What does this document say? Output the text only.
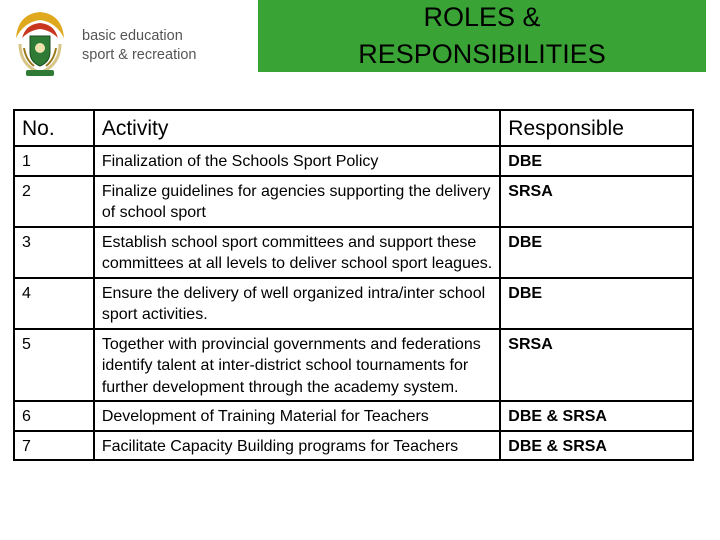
basic education
sport & recreation
ROLES &
RESPONSIBILITIES
No.	Activity	Responsible
1	Finalization of the Schools Sport Policy	DBE
2	Finalize guidelines for agencies supporting the delivery of school sport	SRSA
3	Establish school sport committees and support these committees at all levels to deliver school sport leagues.	DBE
4	Ensure the delivery of well organized intra/inter school sport activities.	DBE
5	Together with provincial governments and federations identify talent at inter-district school tournaments for further development through the academy system.	SRSA
6	Development of Training Material for Teachers	DBE & SRSA
7	Facilitate Capacity Building programs for Teachers	DBE & SRSA
